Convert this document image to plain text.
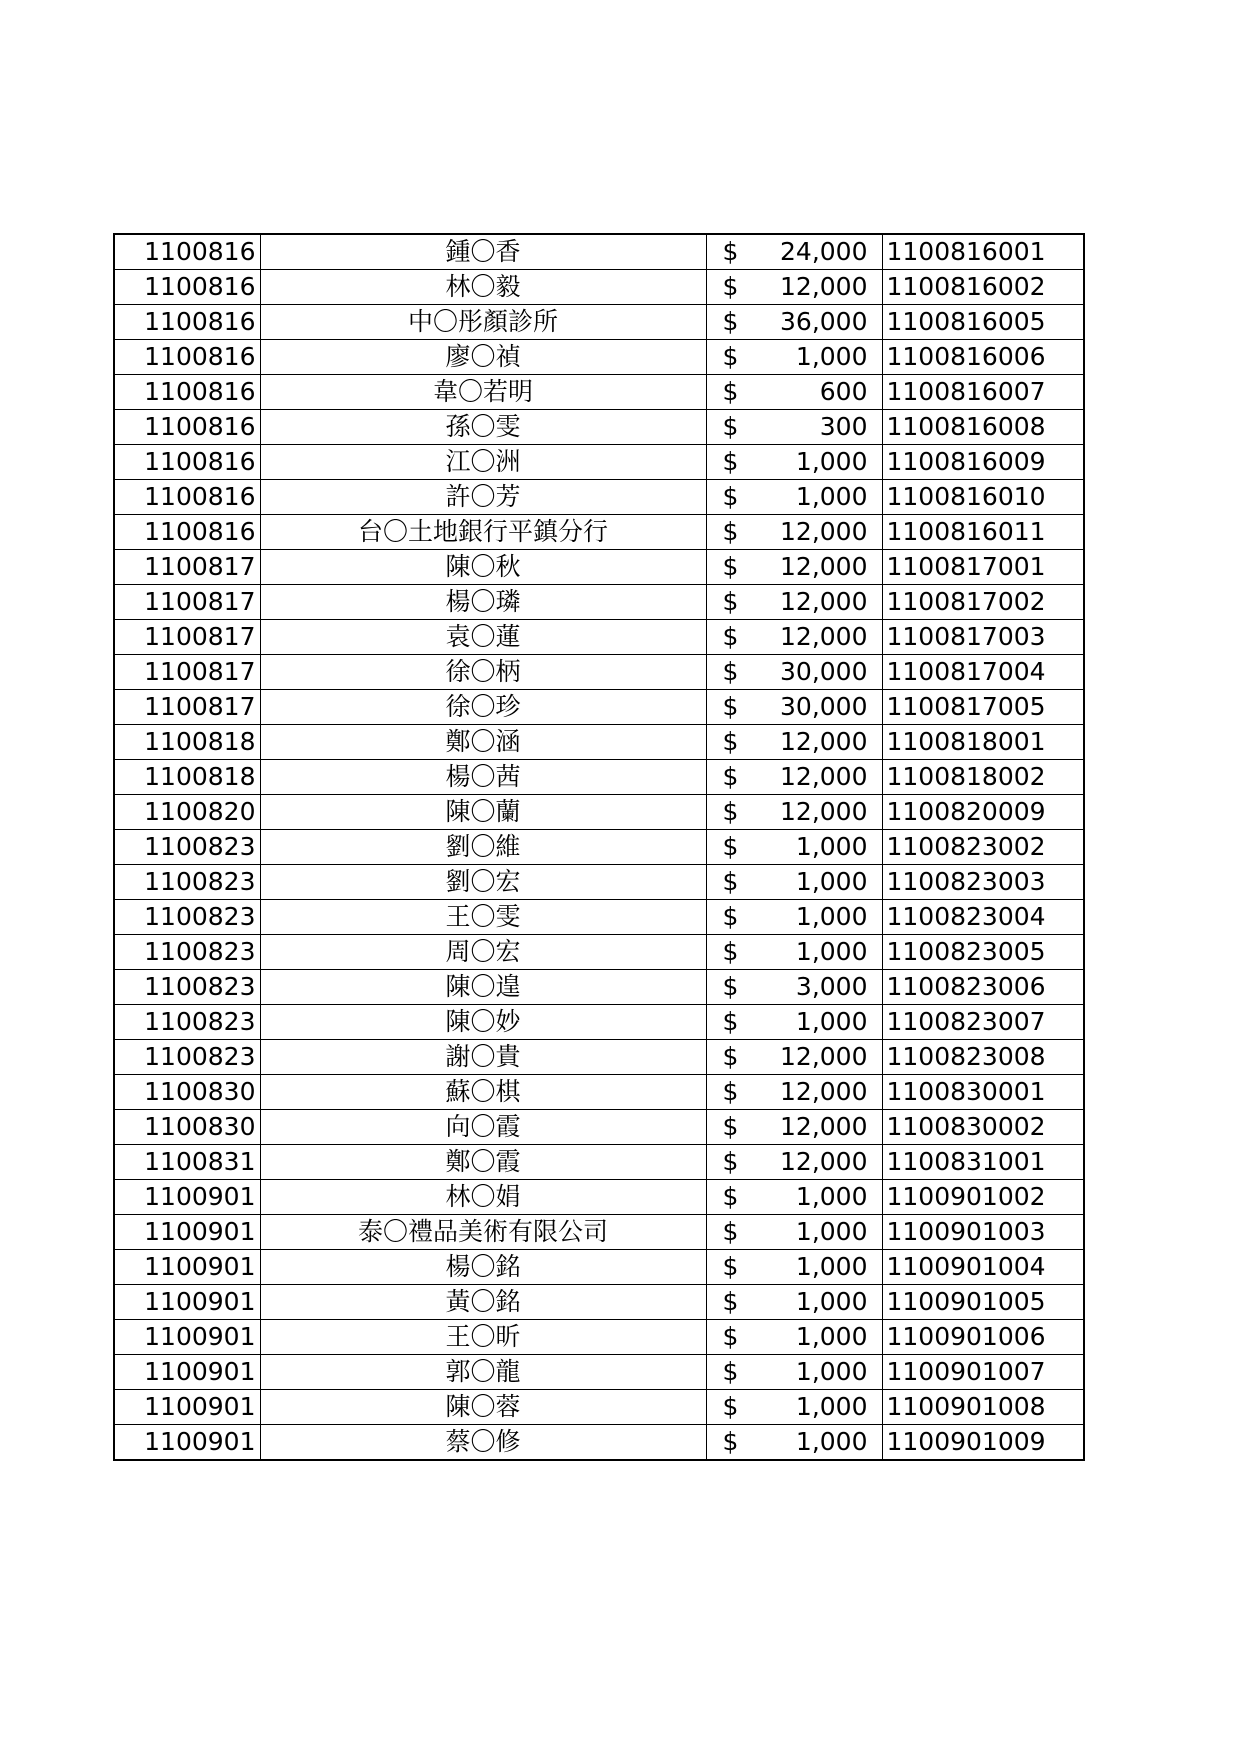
1100816	鍾〇香	$ 24,000	1100816001
1100816	林〇毅	$ 12,000	1100816002
1100816	中〇彤顏診所	$ 36,000	1100816005
1100816	廖〇禎	$ 1,000	1100816006
1100816	韋〇若明	$ 600	1100816007
1100816	孫〇雯	$ 300	1100816008
1100816	江〇洲	$ 1,000	1100816009
1100816	許〇芳	$ 1,000	1100816010
1100816	台〇土地銀行平鎮分行	$ 12,000	1100816011
1100817	陳〇秋	$ 12,000	1100817001
1100817	楊〇璘	$ 12,000	1100817002
1100817	袁〇蓮	$ 12,000	1100817003
1100817	徐〇柄	$ 30,000	1100817004
1100817	徐〇珍	$ 30,000	1100817005
1100818	鄭〇涵	$ 12,000	1100818001
1100818	楊〇茜	$ 12,000	1100818002
1100820	陳〇蘭	$ 12,000	1100820009
1100823	劉〇維	$ 1,000	1100823002
1100823	劉〇宏	$ 1,000	1100823003
1100823	王〇雯	$ 1,000	1100823004
1100823	周〇宏	$ 1,000	1100823005
1100823	陳〇遑	$ 3,000	1100823006
1100823	陳〇妙	$ 1,000	1100823007
1100823	謝〇貴	$ 12,000	1100823008
1100830	蘇〇棋	$ 12,000	1100830001
1100830	向〇霞	$ 12,000	1100830002
1100831	鄭〇霞	$ 12,000	1100831001
1100901	林〇娟	$ 1,000	1100901002
1100901	泰〇禮品美術有限公司	$ 1,000	1100901003
1100901	楊〇銘	$ 1,000	1100901004
1100901	黃〇銘	$ 1,000	1100901005
1100901	王〇昕	$ 1,000	1100901006
1100901	郭〇龍	$ 1,000	1100901007
1100901	陳〇蓉	$ 1,000	1100901008
1100901	蔡〇修	$ 1,000	1100901009
